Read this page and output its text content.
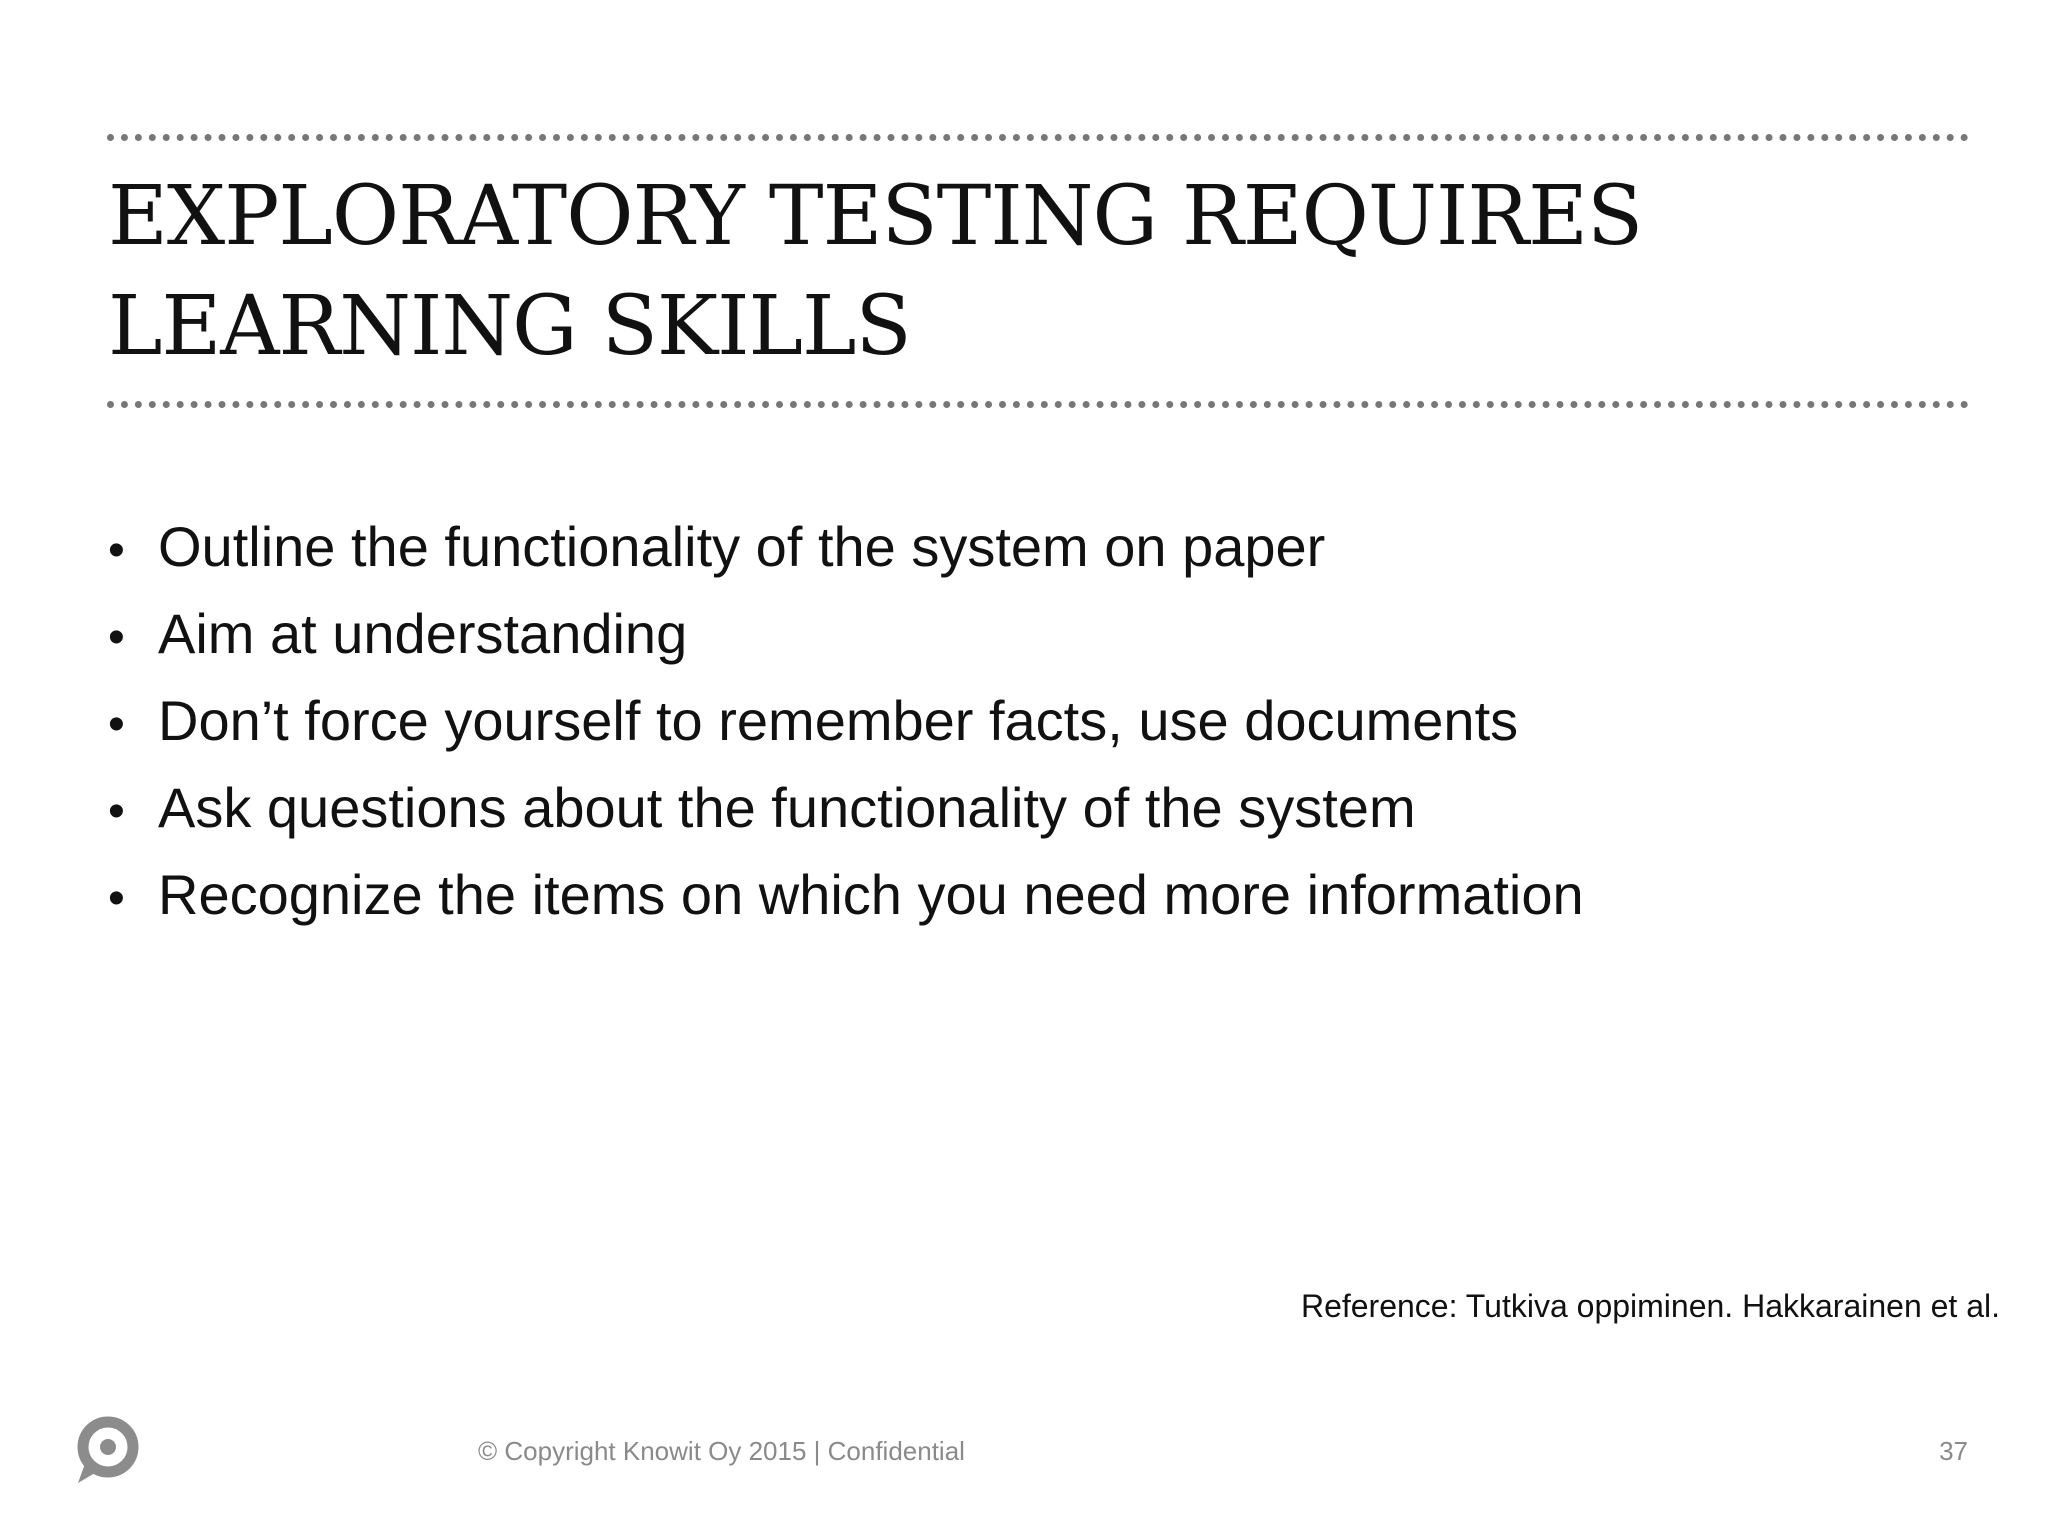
EXPLORATORY TESTING REQUIRES
LEARNING SKILLS
• Outline the functionality of the system on paper
• Aim at understanding
• Don’t force yourself to remember facts, use documents
• Ask questions about the functionality of the system
• Recognize the items on which you need more information
Reference: Tutkiva oppiminen. Hakkarainen et al.
© Copyright Knowit Oy 2015 | Confidential	37
